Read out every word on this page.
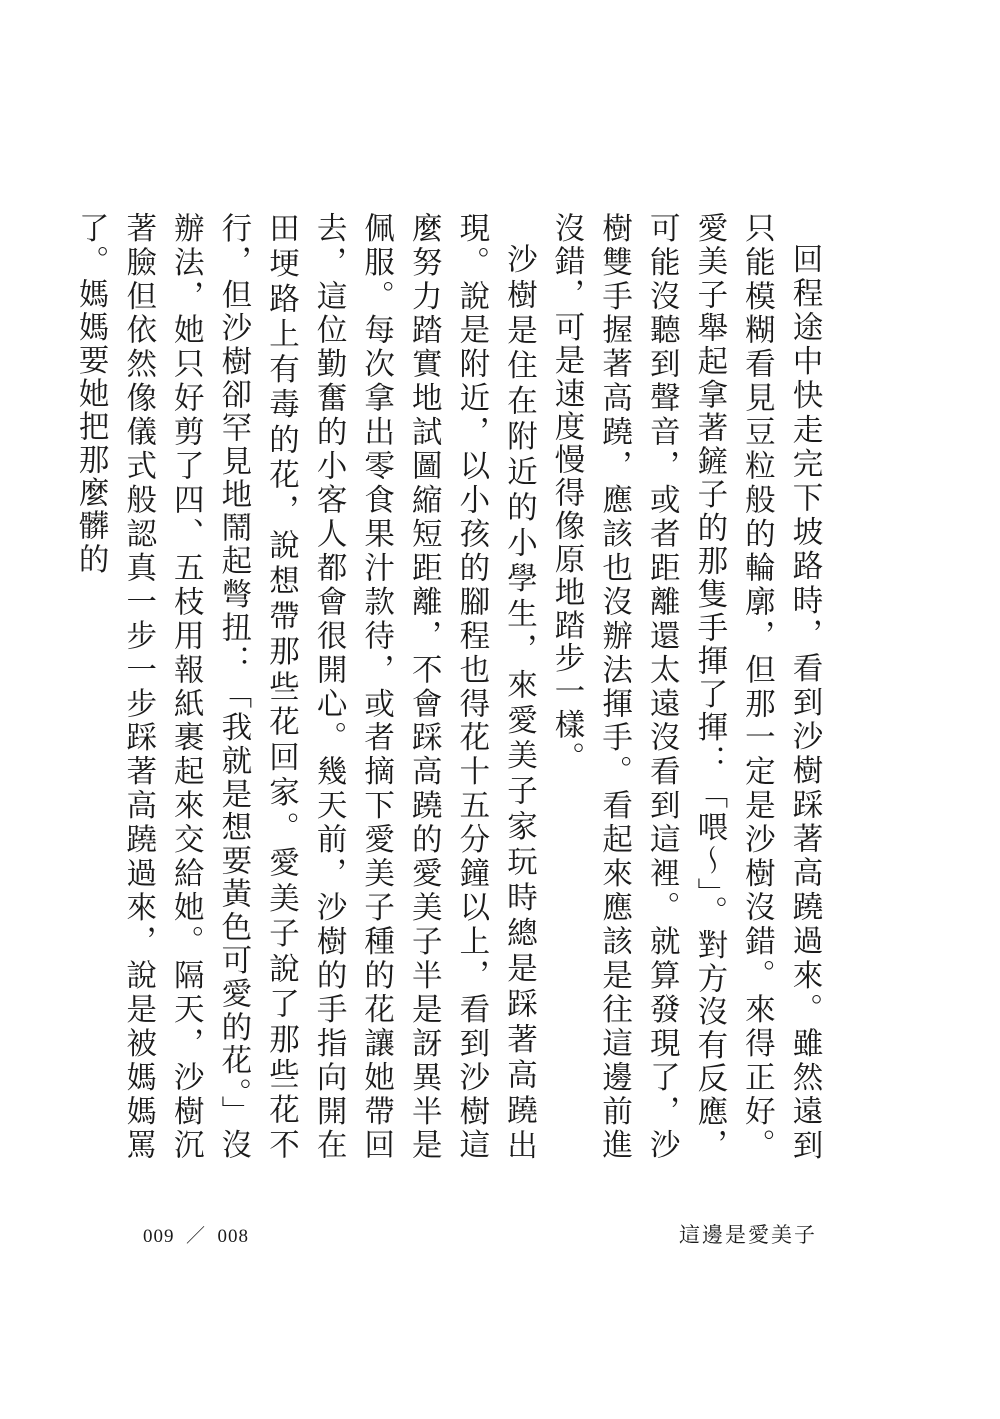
回程途中快走完下坡路時，看到沙樹踩著高蹺過來。雖然遠到只能模糊看見豆粒般的輪廓，但那一定是沙樹沒錯。來得正好。愛美子舉起拿著鏟子的那隻手揮了揮：「喂～」。對方沒有反應，可能沒聽到聲音，或者距離還太遠沒看到這裡。就算發現了，沙樹雙手握著高蹺，應該也沒辦法揮手。看起來應該是往這邊前進沒錯，可是速度慢得像原地踏步一樣。

沙樹是住在附近的小學生，來愛美子家玩時總是踩著高蹺出現。說是附近，以小孩的腳程也得花十五分鐘以上，看到沙樹這麼努力踏實地試圖縮短距離，不會踩高蹺的愛美子半是訝異半是佩服。每次拿出零食果汁款待，或者摘下愛美子種的花讓她帶回去，這位勤奮的小客人都會很開心。幾天前，沙樹的手指向開在田埂路上有毒的花，說想帶那些花回家。愛美子說了那些花不行，但沙樹卻罕見地鬧起彆扭：「我就是想要黃色可愛的花。」沒辦法，她只好剪了四、五枝用報紙裹起來交給她。隔天，沙樹沉著臉但依然像儀式般認真一步一步踩著高蹺過來，說是被媽媽罵了。媽媽要她把那麼髒的

009  ／  008	這邊是愛美子
